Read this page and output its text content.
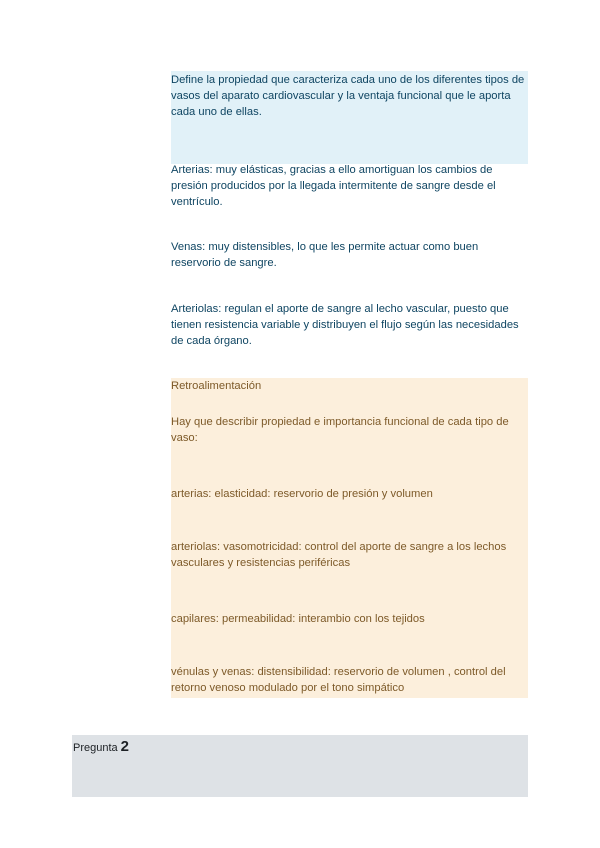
Define la propiedad que caracteriza cada uno de los diferentes tipos de vasos del aparato cardiovascular y la ventaja funcional que le aporta cada uno de ellas.
Arterias: muy elásticas, gracias a ello amortiguan los cambios de presión producidos por la llegada intermitente de sangre desde el ventrículo.
Venas: muy distensibles, lo que les permite actuar como buen reservorio de sangre.
Arteriolas: regulan el aporte de sangre al lecho vascular, puesto que tienen resistencia variable y distribuyen el flujo según las necesidades de cada órgano.
Retroalimentación
Hay que describir propiedad e importancia funcional de cada tipo de vaso:
arterias: elasticidad: reservorio de presión y volumen
arteriolas: vasomotricidad: control del aporte de sangre a los lechos vasculares y resistencias periféricas
capilares: permeabilidad: interambio con los tejidos
vénulas y venas: distensibilidad: reservorio de volumen , control del retorno venoso modulado por el tono simpático
Pregunta 2
